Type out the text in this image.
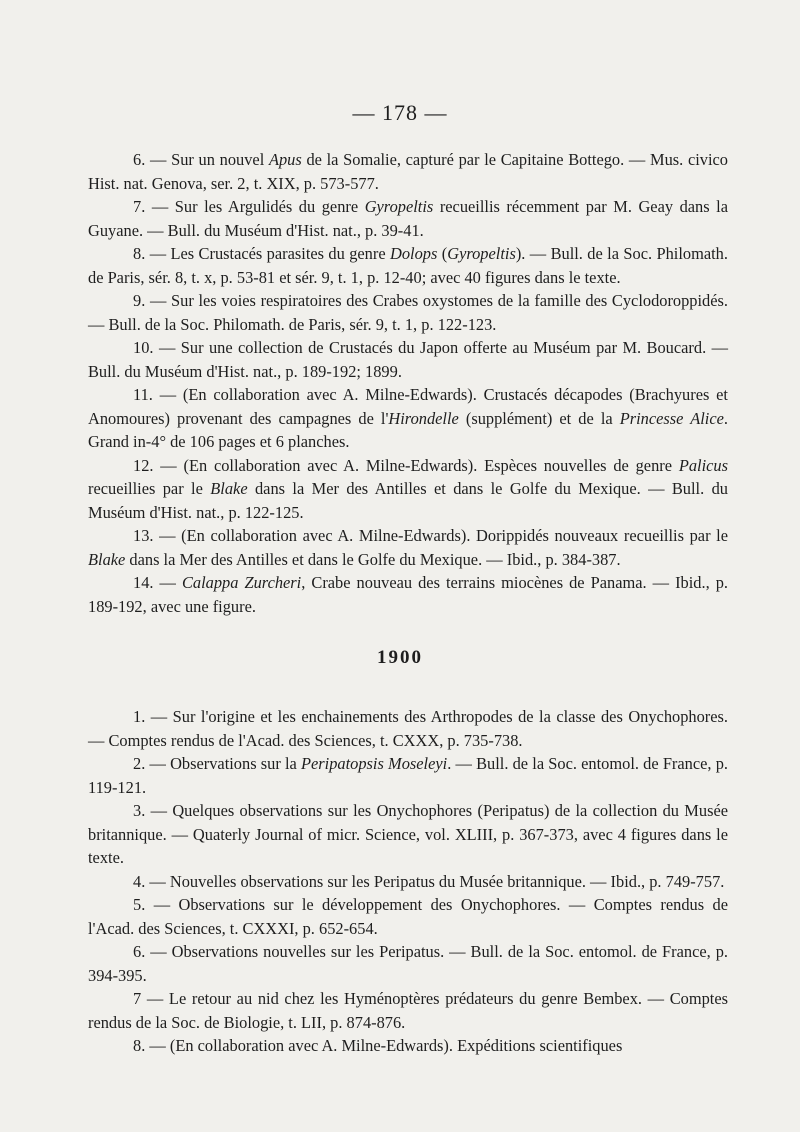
— 178 —

6. — Sur un nouvel Apus de la Somalie, capturé par le Capitaine Bottego. — Mus. civico Hist. nat. Genova, ser. 2, t. XIX, p. 573-577.

7. — Sur les Argulidés du genre Gyropeltis recueillis récemment par M. Geay dans la Guyane. — Bull. du Muséum d'Hist. nat., p. 39-41.

8. — Les Crustacés parasites du genre Dolops (Gyropeltis). — Bull. de la Soc. Philomath. de Paris, sér. 8, t. x, p. 53-81 et sér. 9, t. 1, p. 12-40; avec 40 figures dans le texte.

9. — Sur les voies respiratoires des Crabes oxystomes de la famille des Cyclodoroppidés. — Bull. de la Soc. Philomath. de Paris, sér. 9, t. 1, p. 122-123.

10. — Sur une collection de Crustacés du Japon offerte au Muséum par M. Boucard. — Bull. du Muséum d'Hist. nat., p. 189-192; 1899.

11. — (En collaboration avec A. Milne-Edwards). Crustacés décapodes (Brachyures et Anomoures) provenant des campagnes de l'Hirondelle (supplément) et de la Princesse Alice. Grand in-4° de 106 pages et 6 planches.

12. — (En collaboration avec A. Milne-Edwards). Espèces nouvelles de genre Palicus recueillies par le Blake dans la Mer des Antilles et dans le Golfe du Mexique. — Bull. du Muséum d'Hist. nat., p. 122-125.

13. — (En collaboration avec A. Milne-Edwards). Dorippidés nouveaux recueillis par le Blake dans la Mer des Antilles et dans le Golfe du Mexique. — Ibid., p. 384-387.

14. — Calappa Zurcheri, Crabe nouveau des terrains miocènes de Panama. — Ibid., p. 189-192, avec une figure.

1900

1. — Sur l'origine et les enchainements des Arthropodes de la classe des Onychophores. — Comptes rendus de l'Acad. des Sciences, t. CXXX, p. 735-738.

2. — Observations sur la Peripatopsis Moseleyi. — Bull. de la Soc. entomol. de France, p. 119-121.

3. — Quelques observations sur les Onychophores (Peripatus) de la collection du Musée britannique. — Quaterly Journal of micr. Science, vol. XLIII, p. 367-373, avec 4 figures dans le texte.

4. — Nouvelles observations sur les Peripatus du Musée britannique. — Ibid., p. 749-757.

5. — Observations sur le développement des Onychophores. — Comptes rendus de l'Acad. des Sciences, t. CXXXI, p. 652-654.

6. — Observations nouvelles sur les Peripatus. — Bull. de la Soc. entomol. de France, p. 394-395.

7 — Le retour au nid chez les Hyménoptères prédateurs du genre Bembex. — Comptes rendus de la Soc. de Biologie, t. LII, p. 874-876.

8. — (En collaboration avec A. Milne-Edwards). Expéditions scientifiques
